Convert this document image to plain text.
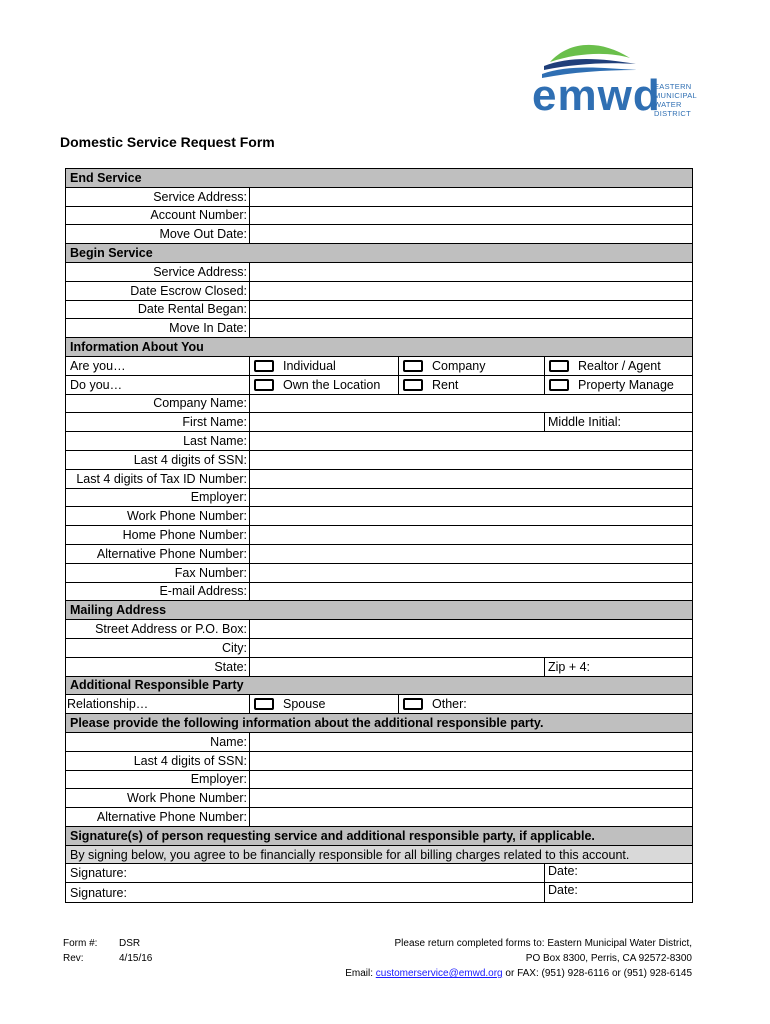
emwd
EASTERN
MUNICIPAL
WATER
DISTRICT
Domestic Service Request Form
End Service
Service Address:
Account Number:
Move Out Date:
Begin Service
Service Address:
Date Escrow Closed:
Date Rental Began:
Move In Date:
Information About You
Are you…	Individual	Company	Realtor / Agent
Do you…	Own the Location	Rent	Property Manage
Company Name:
First Name:	Middle Initial:
Last Name:
Last 4 digits of SSN:
Last 4 digits of Tax ID Number:
Employer:
Work Phone Number:
Home Phone Number:
Alternative Phone Number:
Fax Number:
E-mail Address:
Mailing Address
Street Address or P.O. Box:
City:
State:	Zip + 4:
Additional Responsible Party
Relationship…	Spouse	Other:
Please provide the following information about the additional responsible party.
Name:
Last 4 digits of SSN:
Employer:
Work Phone Number:
Alternative Phone Number:
Signature(s) of person requesting service and additional responsible party, if applicable.
By signing below, you agree to be financially responsible for all billing charges related to this account.
Signature:	Date:
Signature:	Date:
Form #: DSR
Rev:	4/15/16
Please return completed forms to: Eastern Municipal Water District,
PO Box 8300, Perris, CA 92572-8300
Email: customerservice@emwd.org or FAX: (951) 928-6116 or (951) 928-6145
